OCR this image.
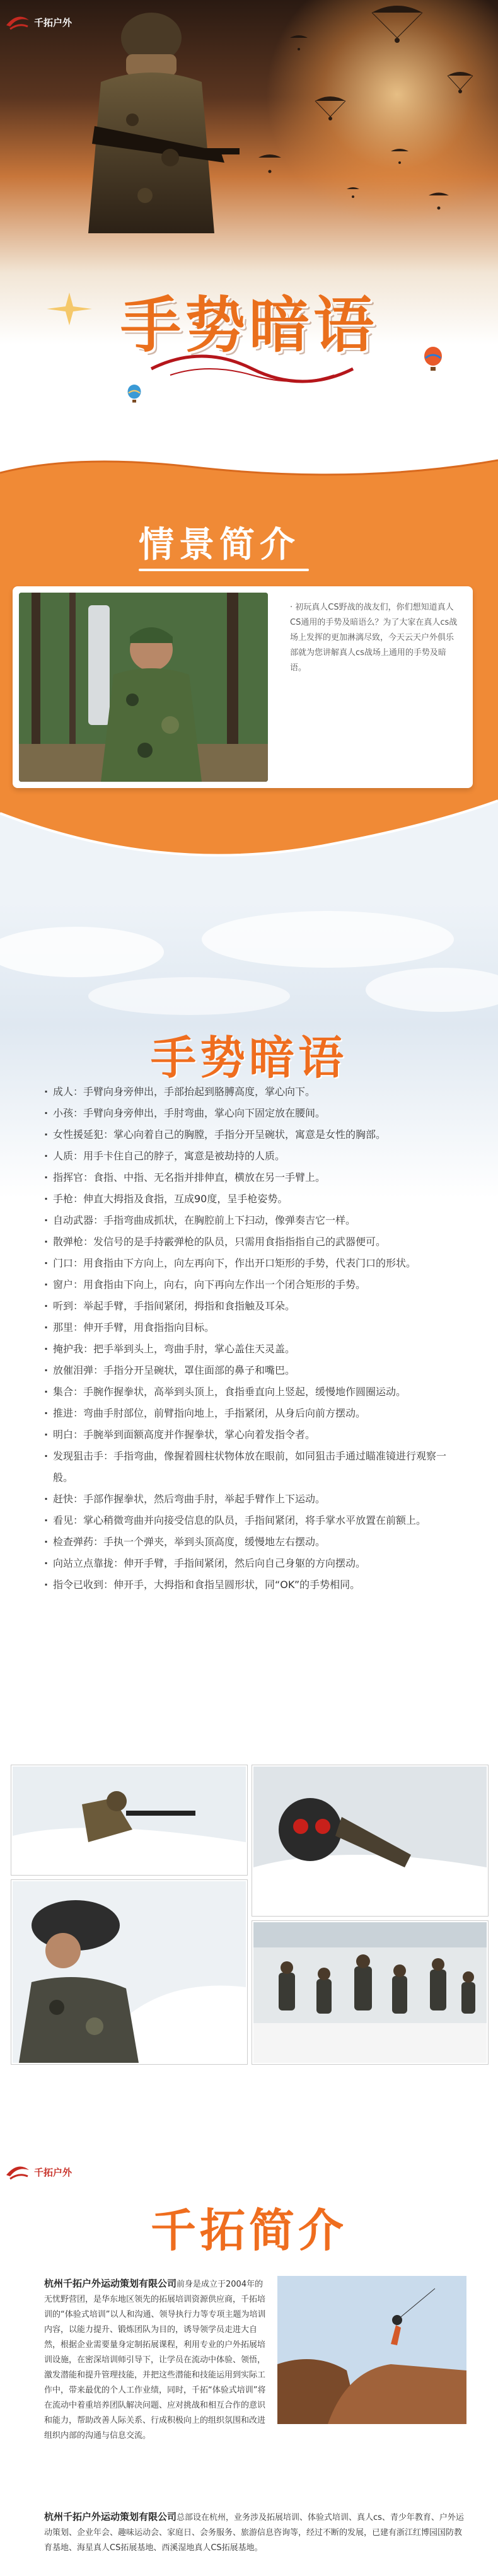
千拓户外
手势暗语
情景简介
· 初玩真人CS野战的战友们，你们想知道真人CS通用的手势及暗语么？为了大家在真人cs战场上发挥的更加淋漓尽致，今天云天户外俱乐部就为您讲解真人cs战场上通用的手势及暗语。
手势暗语
· 成人：手臂向身旁伸出，手部抬起到胳膊高度，掌心向下。
· 小孩：手臂向身旁伸出，手肘弯曲，掌心向下固定放在腰间。
· 女性援延犯：掌心向着自己的胸膛，手指分开呈碗状，寓意是女性的胸部。
· 人质：用手卡住自己的脖子，寓意是被劫持的人质。
· 指挥官：食指、中指、无名指并排伸直，横放在另一手臂上。
· 手枪：伸直大拇指及食指，互成90度，呈手枪姿势。
· 自动武器：手指弯曲成抓状，在胸腔前上下扫动，像弹奏吉它一样。
· 散弹枪：发信号的是手持霰弹枪的队员，只需用食指指指自己的武器便可。
· 门口：用食指由下方向上，向左再向下，作出开口矩形的手势，代表门口的形状。
· 窗户：用食指由下向上，向右，向下再向左作出一个闭合矩形的手势。
· 听到：举起手臂，手指间紧闭，拇指和食指触及耳朵。
· 那里：伸开手臂，用食指指向目标。
· 掩护我：把手举到头上，弯曲手肘，掌心盖住天灵盖。
· 放催泪弹：手指分开呈碗状，罩住面部的鼻子和嘴巴。
· 集合：手腕作握拳状，高举到头顶上，食指垂直向上竖起，缓慢地作圆圈运动。
· 推进：弯曲手肘部位，前臂指向地上，手指紧闭，从身后向前方摆动。
· 明白：手腕举到面额高度并作握拳状，掌心向着发指令者。
· 发现狙击手：手指弯曲，像握着圆柱状物体放在眼前，如同狙击手通过瞄准镜进行观察一般。
· 赶快：手部作握拳状，然后弯曲手肘，举起手臂作上下运动。
· 看见：掌心稍微弯曲并向接受信息的队员，手指间紧闭，将手掌水平放置在前额上。
· 检查弹药：手执一个弹夹，举到头顶高度，缓慢地左右摆动。
· 向站立点靠拢：伸开手臂，手指间紧闭，然后向自己身躯的方向摆动。
· 指令已收到：伸开手，大拇指和食指呈圆形状，同“OK”的手势相同。
千拓户外
千拓简介
杭州千拓户外运动策划有限公司前身是成立于2004年的无忧野营团，是华东地区领先的拓展培训资源供应商，千拓培训的“体验式培训”以人和沟通、领导执行力等专项主题为培训内容，以能力提升、锻炼团队为目的，诱导领学员走进大自然，根据企业需要量身定制拓展课程，利用专业的户外拓展培训设施，在密深培训师引导下，让学员在流动中体验、领悟，激发潜能和提升管理技能，并把这些潜能和技能运用到实际工作中，带来最优的个人工作业绩，同时，千拓“体验式培训”将在流动中着重培养团队解决问题、应对挑战和相互合作的意识和能力，帮助改善人际关系、行成积极向上的组织氛围和改进组织内部的沟通与信息交流。
杭州千拓户外运动策划有限公司总部设在杭州，业务涉及拓展培训、体验式培训、真人cs、青少年教育、户外运动策划、企业年会、趣味运动会、家庭日、会务服务、旅游信息咨询等，经过不断的发展，已建有浙江红博园国防教育基地、海星真人CS拓展基地、西溪湿地真人CS拓展基地。
